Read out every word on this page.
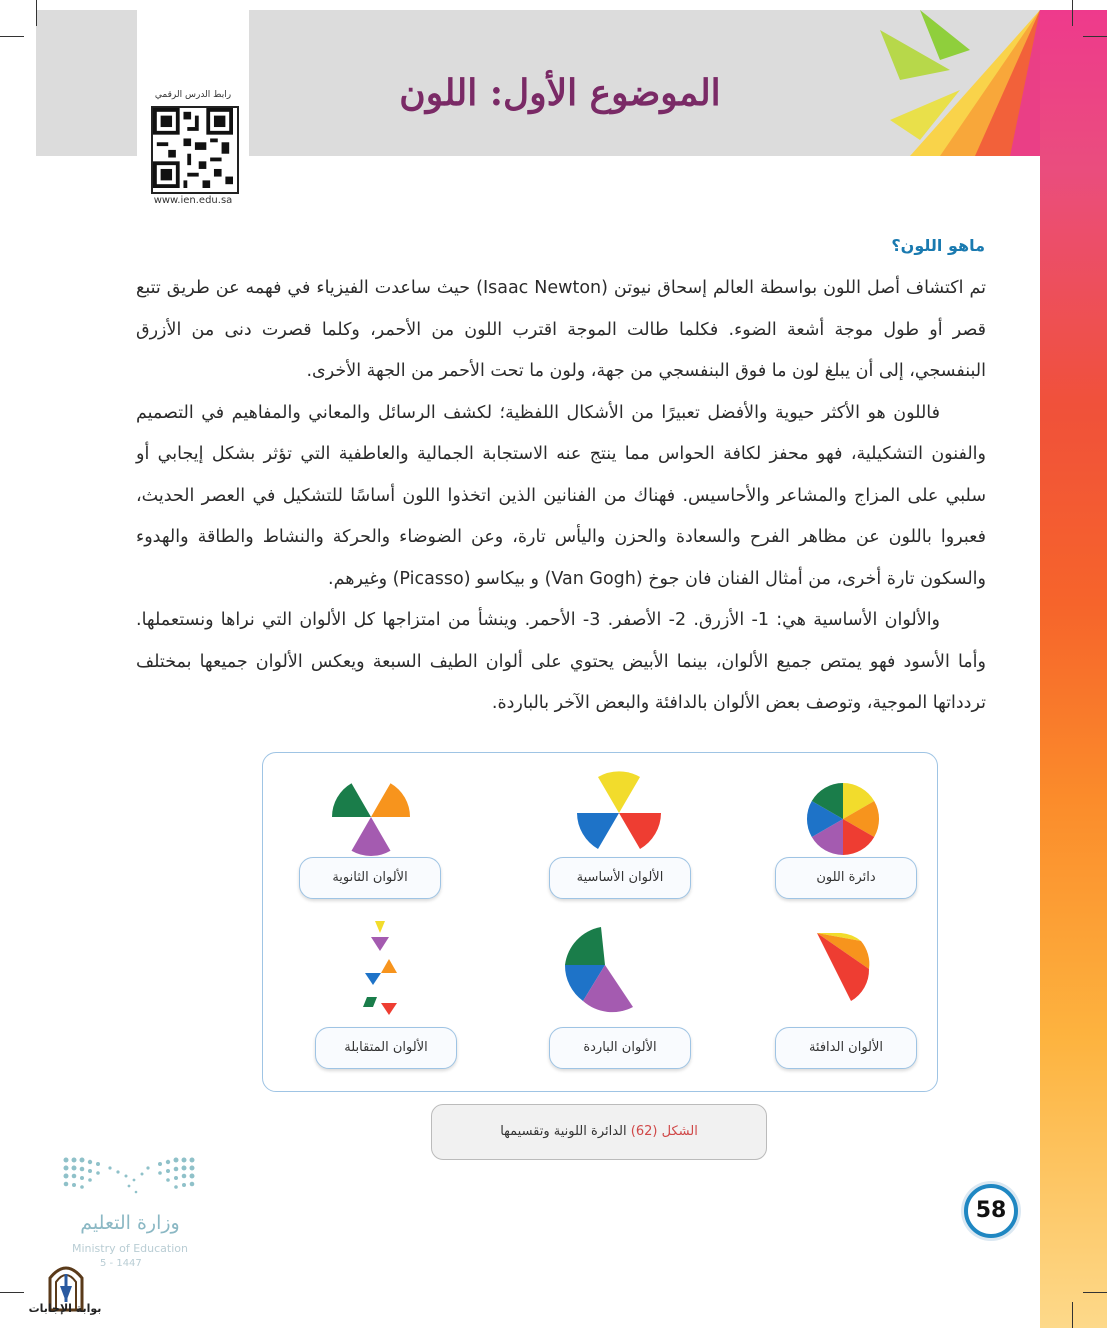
رابط الدرس الرقمي
www.ien.edu.sa
الموضوع الأول: اللون
ماهو اللون؟

تم اكتشاف أصل اللون بواسطة العالم إسحاق نيوتن (Isaac Newton) حيث ساعدت الفيزياء في فهمه عن طريق تتبع قصر أو طول موجة أشعة الضوء. فكلما طالت الموجة اقترب اللون من الأحمر، وكلما قصرت دنى من الأزرق البنفسجي، إلى أن يبلغ لون ما فوق البنفسجي من جهة، ولون ما تحت الأحمر من الجهة الأخرى.

فاللون هو الأكثر حيوية والأفضل تعبيرًا من الأشكال اللفظية؛ لكشف الرسائل والمعاني والمفاهيم في التصميم والفنون التشكيلية، فهو محفز لكافة الحواس مما ينتج عنه الاستجابة الجمالية والعاطفية التي تؤثر بشكل إيجابي أو سلبي على المزاج والمشاعر والأحاسيس. فهناك من الفنانين الذين اتخذوا اللون أساسًا للتشكيل في العصر الحديث، فعبروا باللون عن مظاهر الفرح والسعادة والحزن واليأس تارة، وعن الضوضاء والحركة والنشاط والطاقة والهدوء والسكون تارة أخرى، من أمثال الفنان فان جوخ (Van Gogh) و بيكاسو (Picasso) وغيرهم.

والألوان الأساسية هي: 1- الأزرق. 2- الأصفر. 3- الأحمر. وينشأ من امتزاجها كل الألوان التي نراها ونستعملها. وأما الأسود فهو يمتص جميع الألوان، بينما الأبيض يحتوي على ألوان الطيف السبعة ويعكس الألوان جميعها بمختلف تردداتها الموجية، وتوصف بعض الألوان بالدافئة والبعض الآخر بالباردة.

دائرة اللون
الألوان الأساسية
الألوان الثانوية
الألوان الدافئة
الألوان الباردة
الألوان المتقابلة
الشكل (62) الدائرة اللونية وتقسيمها
وزارة التعليم
Ministry of Education
5 - 1447
بوابة الإجابات
58
